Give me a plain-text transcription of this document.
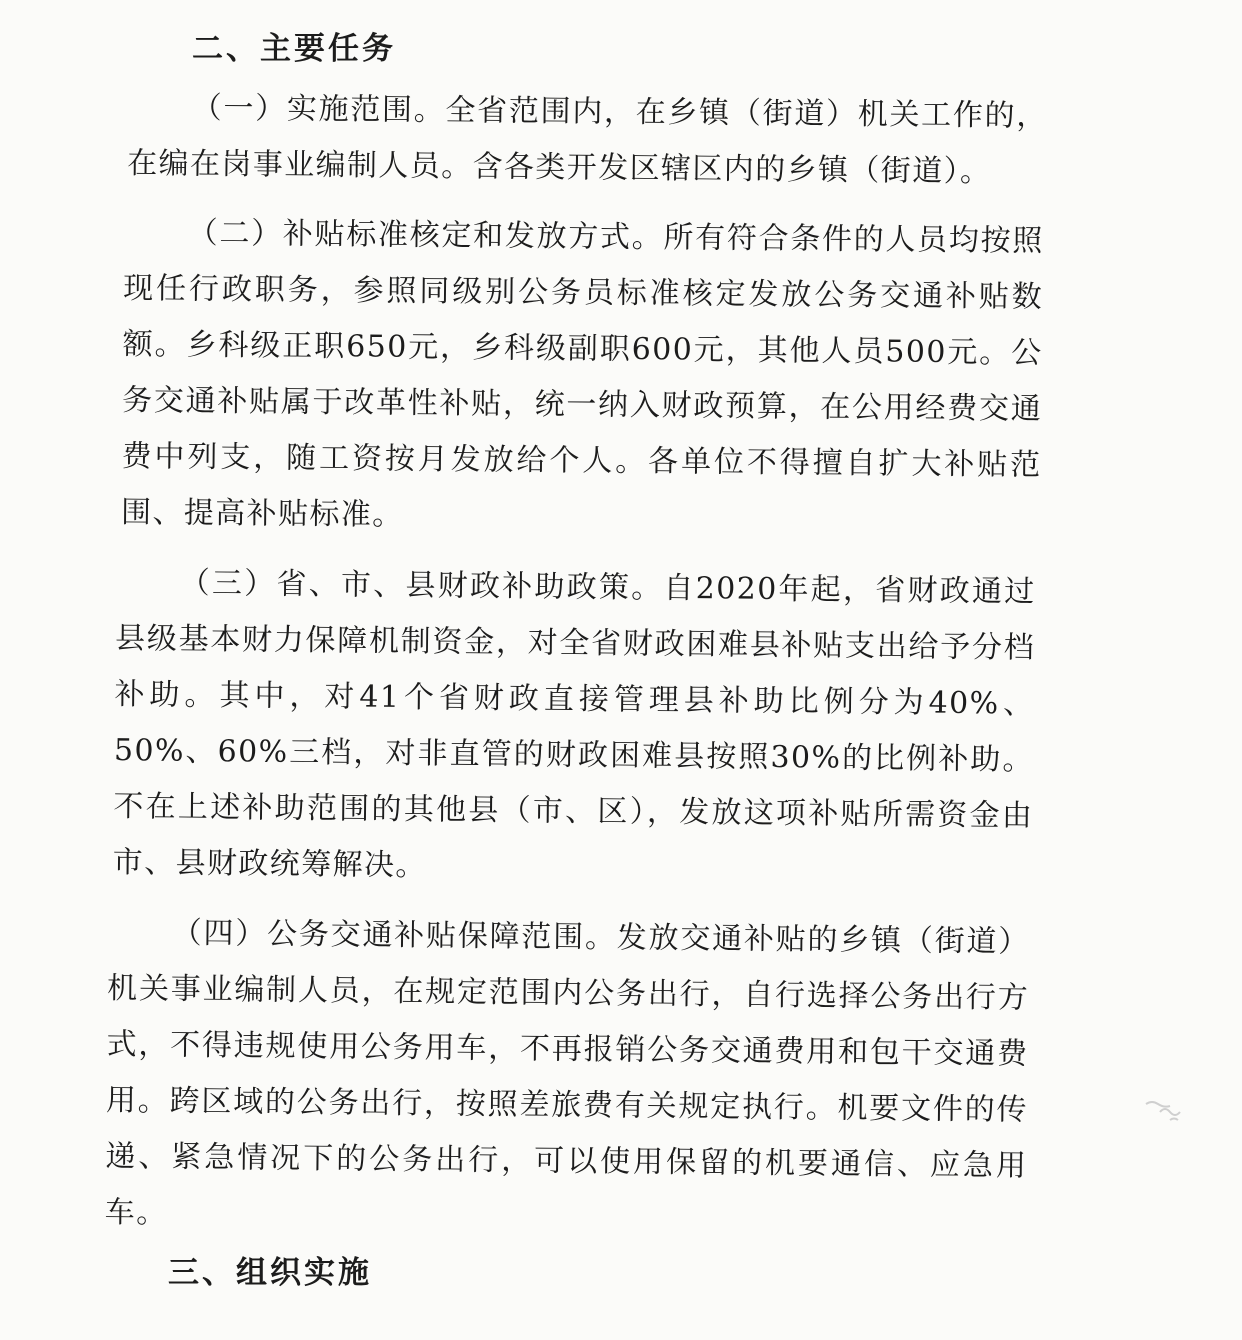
二、主要任务

（一）实施范围。全省范围内，在乡镇（街道）机关工作的，在编在岗事业编制人员。含各类开发区辖区内的乡镇（街道）。

（二）补贴标准核定和发放方式。所有符合条件的人员均按照现任行政职务，参照同级别公务员标准核定发放公务交通补贴数额。乡科级正职650元，乡科级副职600元，其他人员500元。公务交通补贴属于改革性补贴，统一纳入财政预算，在公用经费交通费中列支，随工资按月发放给个人。各单位不得擅自扩大补贴范围、提高补贴标准。

（三）省、市、县财政补助政策。自2020年起，省财政通过县级基本财力保障机制资金，对全省财政困难县补贴支出给予分档补助。其中，对41个省财政直接管理县补助比例分为40%、50%、60%三档，对非直管的财政困难县按照30%的比例补助。不在上述补助范围的其他县（市、区），发放这项补贴所需资金由市、县财政统筹解决。

（四）公务交通补贴保障范围。发放交通补贴的乡镇（街道）机关事业编制人员，在规定范围内公务出行，自行选择公务出行方式，不得违规使用公务用车，不再报销公务交通费用和包干交通费用。跨区域的公务出行，按照差旅费有关规定执行。机要文件的传递、紧急情况下的公务出行，可以使用保留的机要通信、应急用车。

三、组织实施
